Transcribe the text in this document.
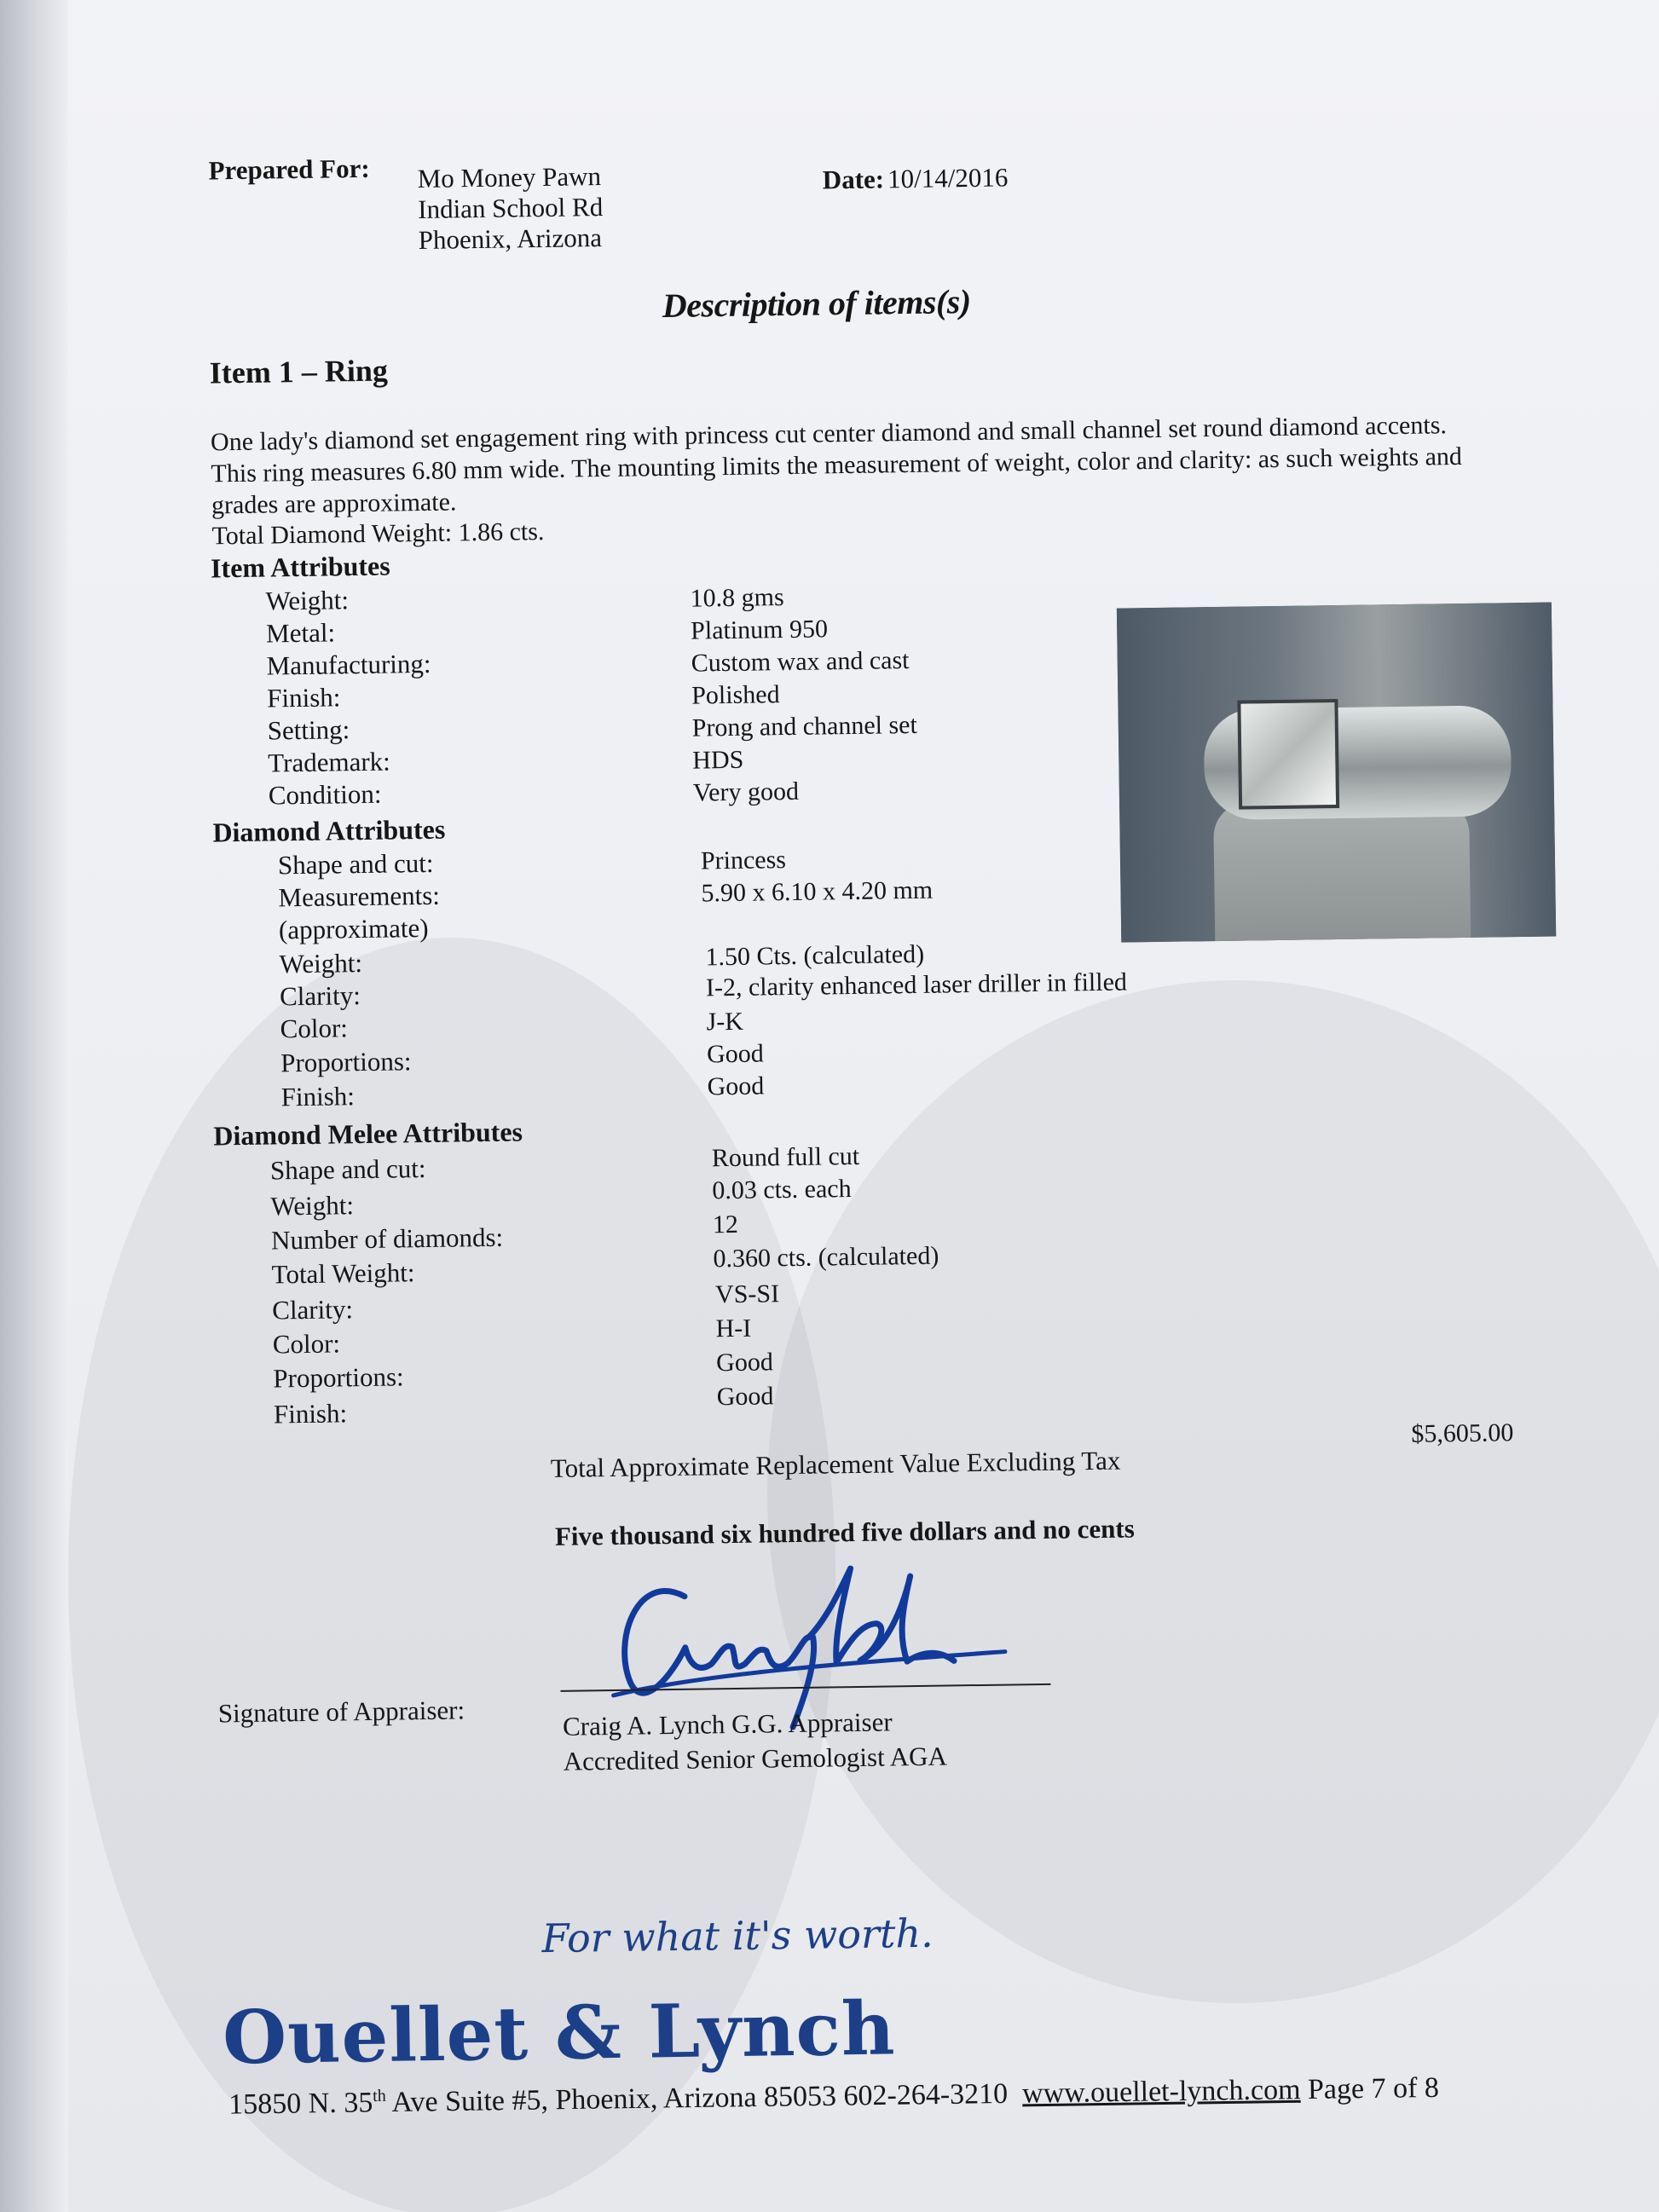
Prepared For: Mo Money Pawn
Indian School Rd
Phoenix, Arizona
Date: 10/14/2016
Description of items(s)
Item 1 – Ring
One lady's diamond set engagement ring with princess cut center diamond and small channel set round diamond accents. This ring measures 6.80 mm wide. The mounting limits the measurement of weight, color and clarity: as such weights and grades are approximate.
Total Diamond Weight: 1.86 cts.
Item Attributes
Weight:	10.8 gms
Metal:	Platinum 950
Manufacturing:	Custom wax and cast
Finish:	Polished
Setting:	Prong and channel set
Trademark:	HDS
Condition:	Very good
Diamond Attributes
Shape and cut:	Princess
Measurements:	5.90 x 6.10 x 4.20 mm
(approximate)
Weight:	1.50 Cts. (calculated)
Clarity:	I-2, clarity enhanced laser driller in filled
Color:	J-K
Proportions:	Good
Finish:	Good
Diamond Melee Attributes
Shape and cut:	Round full cut
Weight:
0.03 cts. each
Number of diamonds:	12
Total Weight:
0.360 cts. (calculated)
Clarity:	VS-SI
Color:	H-I
Proportions:	Good
Finish:
Good
Total Approximate Replacement Value Excluding Tax
$5,605.00
Five thousand six hundred five dollars and no cents
Signature of Appraiser:	Craig A. Lynch G.G. Appraiser
Accredited Senior Gemologist AGA
For what it's worth.
Ouellet & Lynch
15850 N. 35th Ave Suite #5, Phoenix, Arizona 85053 602-264-3210 www.ouellet-lynch.com Page 7 of 8
